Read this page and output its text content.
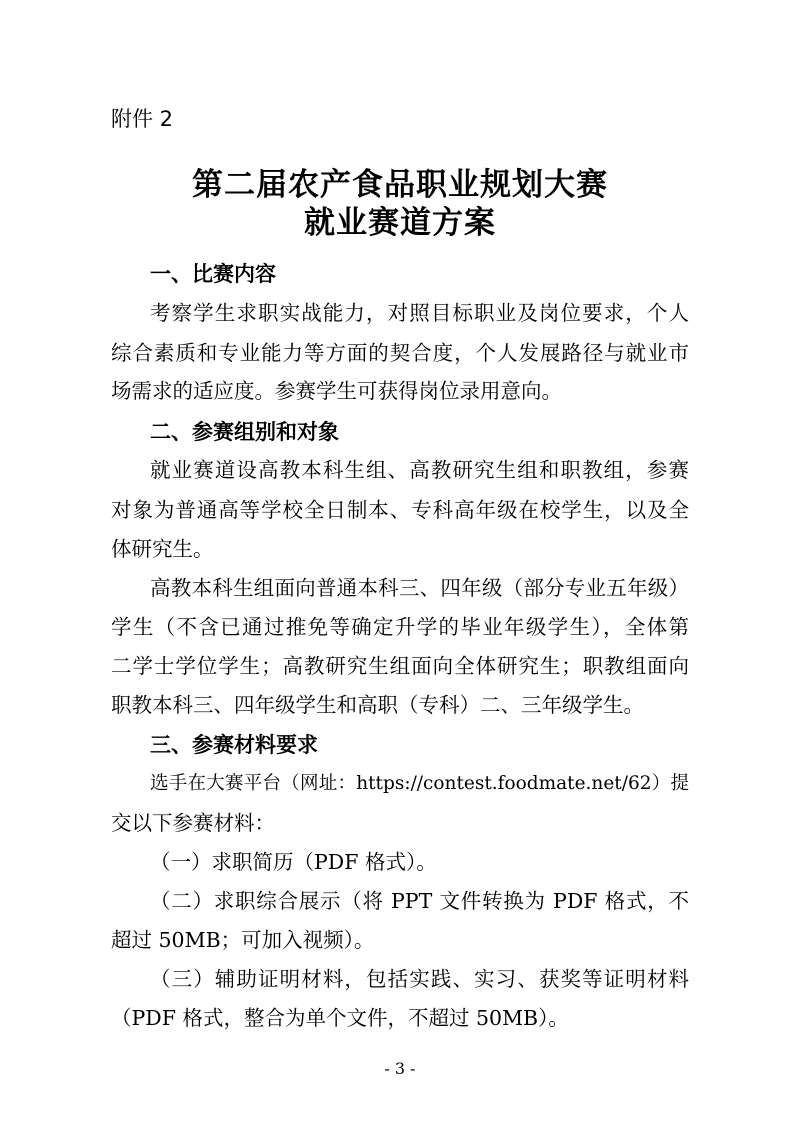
附件 2
第二届农产食品职业规划大赛
就业赛道方案
一、比赛内容
考察学生求职实战能力，对照目标职业及岗位要求，个人
综合素质和专业能力等方面的契合度，个人发展路径与就业市
场需求的适应度。参赛学生可获得岗位录用意向。
二、参赛组别和对象
就业赛道设高教本科生组、高教研究生组和职教组，参赛
对象为普通高等学校全日制本、专科高年级在校学生，以及全
体研究生。
高教本科生组面向普通本科三、四年级（部分专业五年级）
学生（不含已通过推免等确定升学的毕业年级学生），全体第
二学士学位学生；高教研究生组面向全体研究生；职教组面向
职教本科三、四年级学生和高职（专科）二、三年级学生。
三、参赛材料要求
选手在大赛平台（网址：https://contest.foodmate.net/62）提
交以下参赛材料：
（一）求职简历（PDF 格式）。
（二）求职综合展示（将 PPT 文件转换为 PDF 格式，不
超过 50MB；可加入视频）。
（三）辅助证明材料，包括实践、实习、获奖等证明材料
（PDF 格式，整合为单个文件，不超过 50MB）。
- 3 -
